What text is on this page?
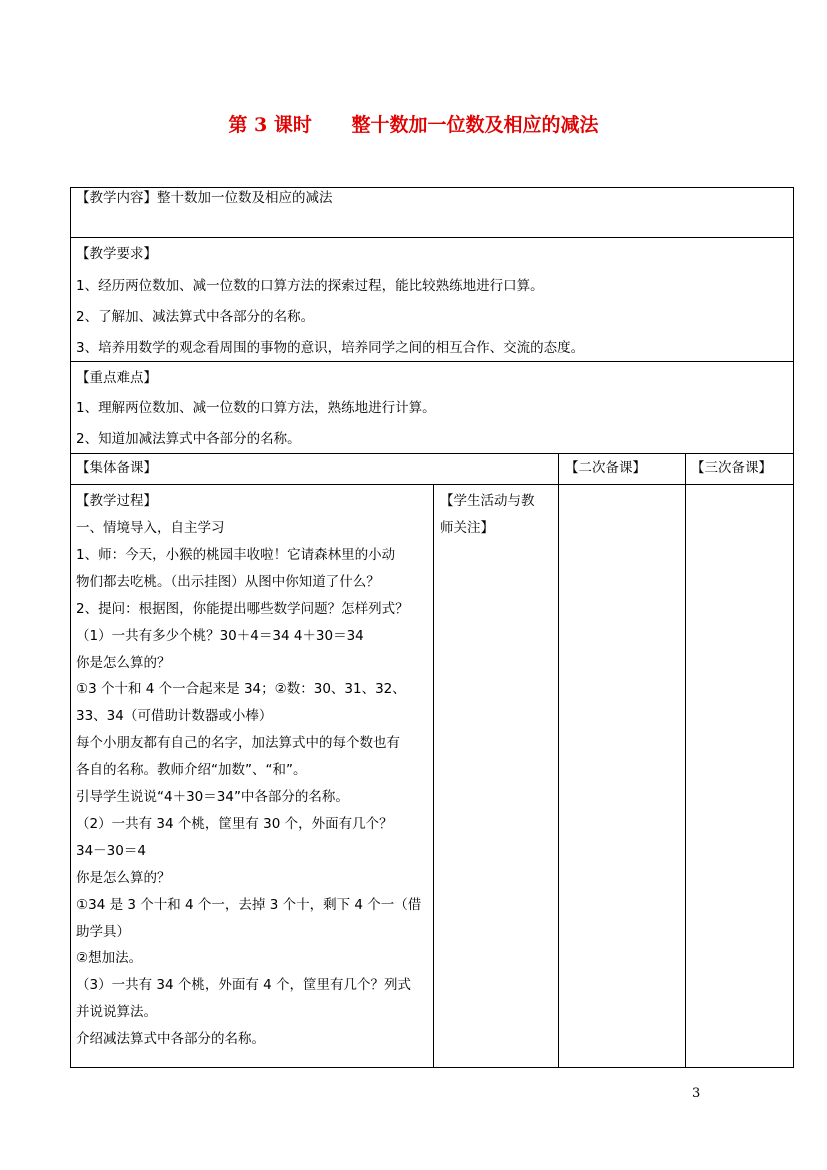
第 3 课时      整十数加一位数及相应的减法
【教学内容】整十数加一位数及相应的减法
【教学要求】
1、经历两位数加、减一位数的口算方法的探索过程，能比较熟练地进行口算。
2、了解加、减法算式中各部分的名称。
3、培养用数学的观念看周围的事物的意识，培养同学之间的相互合作、交流的态度。
【重点难点】
1、理解两位数加、减一位数的口算方法，熟练地进行计算。
2、知道加减法算式中各部分的名称。
【集体备课】	【二次备课】	【三次备课】
【教学过程】	【学生活动与教
师关注】
一、情境导入，自主学习
1、师：今天，小猴的桃园丰收啦！它请森林里的小动
物们都去吃桃。（出示挂图）从图中你知道了什么？
2、提问：根据图，你能提出哪些数学问题？怎样列式？
（1）一共有多少个桃？30＋4＝34 4＋30＝34
你是怎么算的？
①3 个十和 4 个一合起来是 34；②数：30、31、32、
33、34（可借助计数器或小棒）
每个小朋友都有自己的名字，加法算式中的每个数也有
各自的名称。教师介绍“加数”、“和”。
引导学生说说“4＋30＝34”中各部分的名称。
（2）一共有 34 个桃，筐里有 30 个，外面有几个？
34－30＝4
你是怎么算的？
①34 是 3 个十和 4 个一，去掉 3 个十，剩下 4 个一（借
助学具）
②想加法。
（3）一共有 34 个桃，外面有 4 个，筐里有几个？列式
并说说算法。
介绍减法算式中各部分的名称。
3
